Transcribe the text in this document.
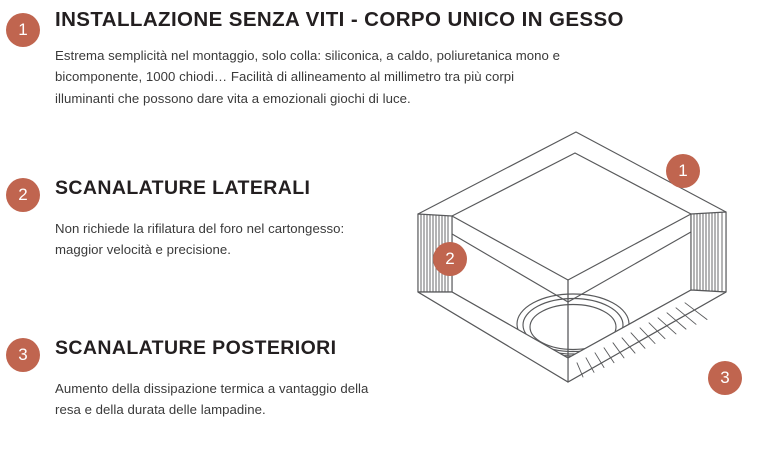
1	INSTALLAZIONE SENZA VITI - CORPO UNICO IN GESSO
Estrema semplicità nel montaggio, solo colla: siliconica, a caldo, poliuretanica mono e bicomponente, 1000 chiodi… Facilità di allineamento al millimetro tra più corpi illuminanti che possono dare vita a emozionali giochi di luce.
2	SCANALATURE LATERALI
Non richiede la rifilatura del foro nel cartongesso: maggior velocità e precisione.
3	SCANALATURE POSTERIORI
Aumento della dissipazione termica a vantaggio della resa e della durata delle lampadine.
1
2
3
